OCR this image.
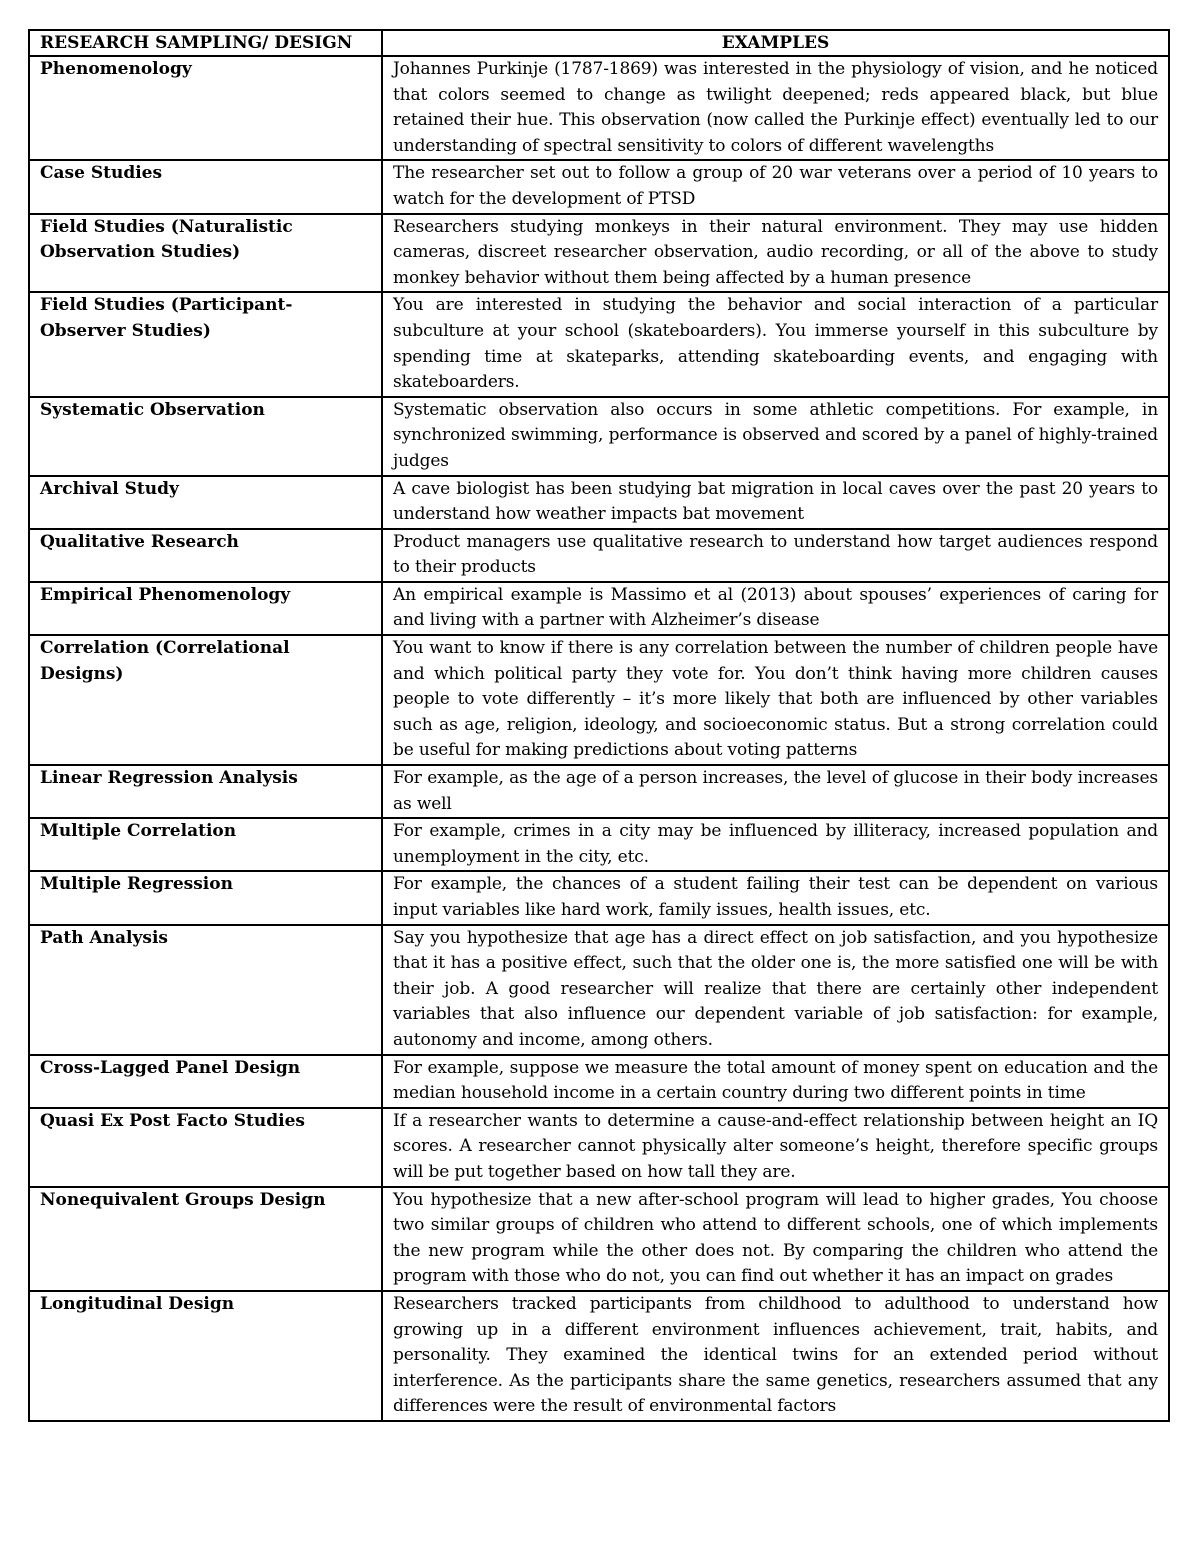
RESEARCH SAMPLING/ DESIGN	EXAMPLES
Phenomenology	Johannes Purkinje (1787-1869) was interested in the physiology of vision, and he noticed that colors seemed to change as twilight deepened; reds appeared black, but blue retained their hue. This observation (now called the Purkinje effect) eventually led to our understanding of spectral sensitivity to colors of different wavelengths
Case Studies	The researcher set out to follow a group of 20 war veterans over a period of 10 years to watch for the development of PTSD
Field Studies (Naturalistic Observation Studies)	Researchers studying monkeys in their natural environment. They may use hidden cameras, discreet researcher observation, audio recording, or all of the above to study monkey behavior without them being affected by a human presence
Field Studies (Participant-Observer Studies)	You are interested in studying the behavior and social interaction of a particular subculture at your school (skateboarders). You immerse yourself in this subculture by spending time at skateparks, attending skateboarding events, and engaging with skateboarders.
Systematic Observation	Systematic observation also occurs in some athletic competitions. For example, in synchronized swimming, performance is observed and scored by a panel of highly-trained judges
Archival Study	A cave biologist has been studying bat migration in local caves over the past 20 years to understand how weather impacts bat movement
Qualitative Research	Product managers use qualitative research to understand how target audiences respond to their products
Empirical Phenomenology	An empirical example is Massimo et al (2013) about spouses’ experiences of caring for and living with a partner with Alzheimer’s disease
Correlation (Correlational Designs)	You want to know if there is any correlation between the number of children people have and which political party they vote for. You don’t think having more children causes people to vote differently – it’s more likely that both are influenced by other variables such as age, religion, ideology, and socioeconomic status. But a strong correlation could be useful for making predictions about voting patterns
Linear Regression Analysis	For example, as the age of a person increases, the level of glucose in their body increases as well
Multiple Correlation	For example, crimes in a city may be influenced by illiteracy, increased population and unemployment in the city, etc.
Multiple Regression	For example, the chances of a student failing their test can be dependent on various input variables like hard work, family issues, health issues, etc.
Path Analysis	Say you hypothesize that age has a direct effect on job satisfaction, and you hypothesize that it has a positive effect, such that the older one is, the more satisfied one will be with their job. A good researcher will realize that there are certainly other independent variables that also influence our dependent variable of job satisfaction: for example, autonomy and income, among others.
Cross-Lagged Panel Design	For example, suppose we measure the total amount of money spent on education and the median household income in a certain country during two different points in time
Quasi Ex Post Facto Studies	If a researcher wants to determine a cause-and-effect relationship between height an IQ scores. A researcher cannot physically alter someone’s height, therefore specific groups will be put together based on how tall they are.
Nonequivalent Groups Design	You hypothesize that a new after-school program will lead to higher grades, You choose two similar groups of children who attend to different schools, one of which implements the new program while the other does not. By comparing the children who attend the program with those who do not, you can find out whether it has an impact on grades
Longitudinal Design	Researchers tracked participants from childhood to adulthood to understand how growing up in a different environment influences achievement, trait, habits, and personality. They examined the identical twins for an extended period without interference. As the participants share the same genetics, researchers assumed that any differences were the result of environmental factors
